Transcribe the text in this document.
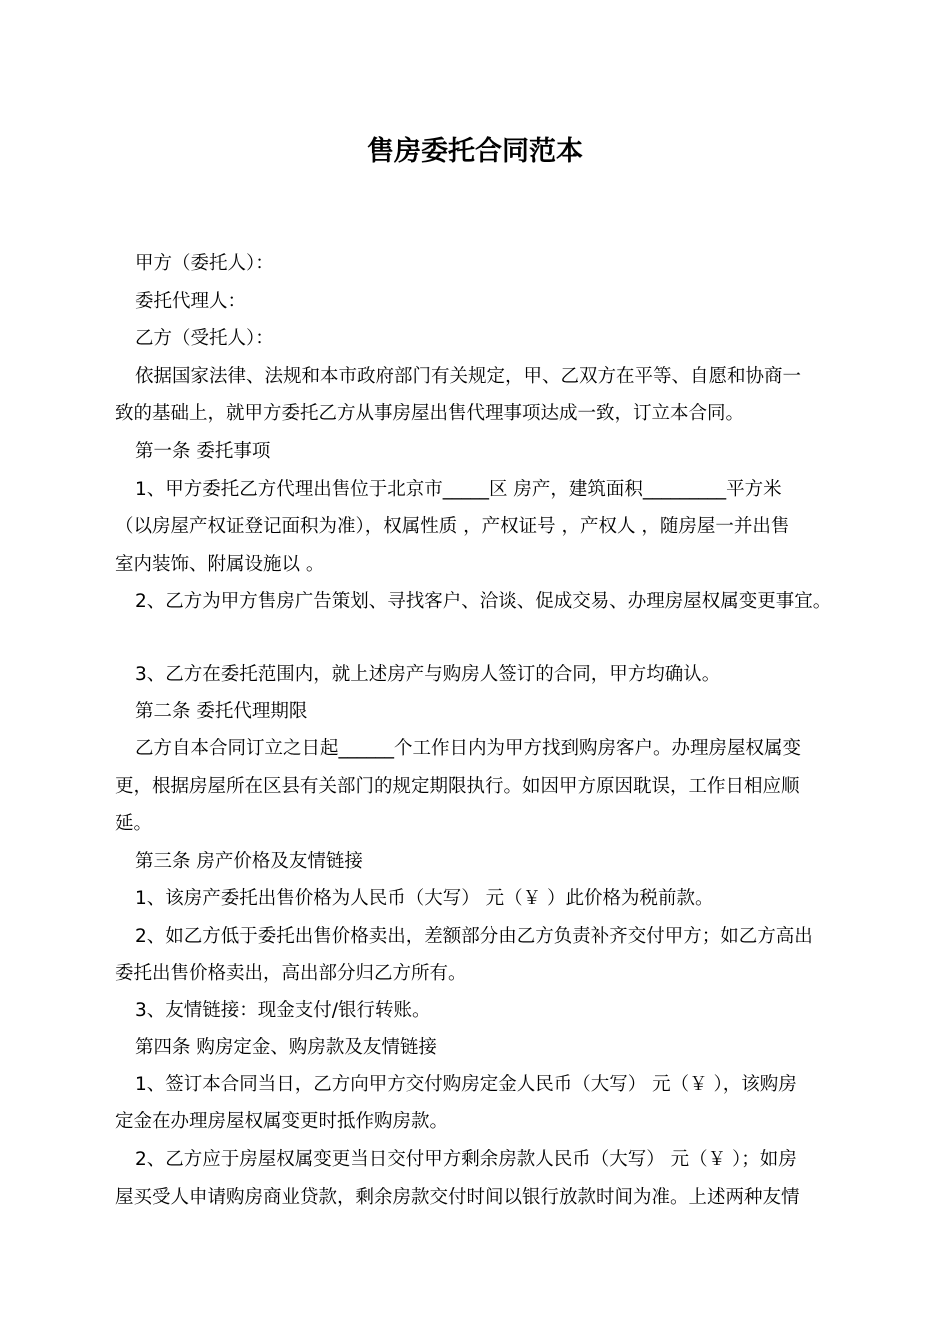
售房委托合同范本
甲方（委托人）：
委托代理人：
乙方（受托人）：
依据国家法律、法规和本市政府部门有关规定，甲、乙双方在平等、自愿和协商一
致的基础上，就甲方委托乙方从事房屋出售代理事项达成一致，订立本合同。
第一条 委托事项
1、甲方委托乙方代理出售位于北京市_____区 房产，建筑面积_________平方米
（以房屋产权证登记面积为准），权属性质 ，产权证号 ，产权人 ，随房屋一并出售
室内装饰、附属设施以 。
2、乙方为甲方售房广告策划、寻找客户、洽谈、促成交易、办理房屋权属变更事宜。
3、乙方在委托范围内，就上述房产与购房人签订的合同，甲方均确认。
第二条 委托代理期限
乙方自本合同订立之日起______个工作日内为甲方找到购房客户。办理房屋权属变
更，根据房屋所在区县有关部门的规定期限执行。如因甲方原因耽误，工作日相应顺
延。
第三条 房产价格及友情链接
1、该房产委托出售价格为人民币（大写） 元（￥ ）此价格为税前款。
2、如乙方低于委托出售价格卖出，差额部分由乙方负责补齐交付甲方；如乙方高出
委托出售价格卖出，高出部分归乙方所有。
3、友情链接：现金支付/银行转账。
第四条 购房定金、购房款及友情链接
1、签订本合同当日，乙方向甲方交付购房定金人民币（大写） 元（￥ ），该购房
定金在办理房屋权属变更时抵作购房款。
2、乙方应于房屋权属变更当日交付甲方剩余房款人民币（大写） 元（￥ ）；如房
屋买受人申请购房商业贷款，剩余房款交付时间以银行放款时间为准。上述两种友情
